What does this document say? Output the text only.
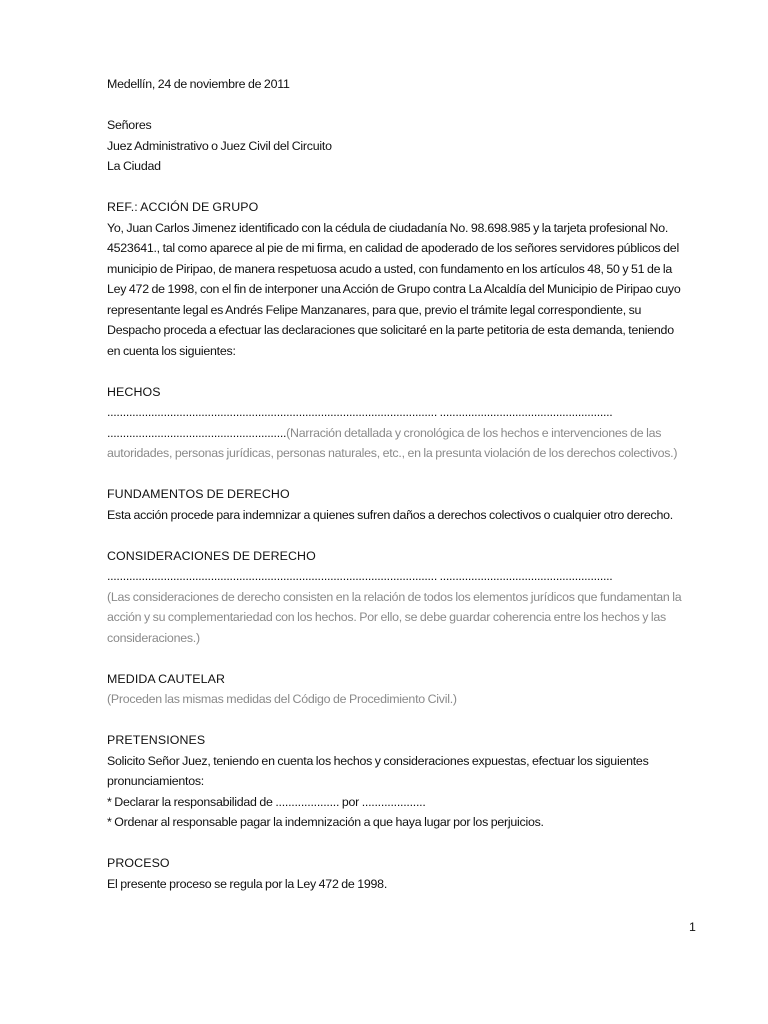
Medellín, 24 de noviembre de 2011
Señores
Juez Administrativo o Juez Civil del Circuito
La Ciudad
REF.: ACCIÓN DE GRUPO
Yo, Juan Carlos Jimenez identificado con la cédula de ciudadanía No. 98.698.985 y la tarjeta profesional No.
4523641., tal como aparece al pie de mi firma, en calidad de apoderado de los señores servidores públicos del
municipio de Piripao, de manera respetuosa acudo a usted, con fundamento en los artículos 48, 50 y 51 de la
Ley 472 de 1998, con el fin de interponer una Acción de Grupo contra La Alcaldía del Municipio de Piripao cuyo
representante legal es Andrés Felipe Manzanares, para que, previo el trámite legal correspondiente, su
Despacho proceda a efectuar las declaraciones que solicitaré en la parte petitoria de esta demanda, teniendo
en cuenta los siguientes:
HECHOS
......................................................................................................... .......................................................
.........................................................(Narración detallada y cronológica de los hechos e intervenciones de las
autoridades, personas jurídicas, personas naturales, etc., en la presunta violación de los derechos colectivos.)
FUNDAMENTOS DE DERECHO
Esta acción procede para indemnizar a quienes sufren daños a derechos colectivos o cualquier otro derecho.
CONSIDERACIONES DE DERECHO
......................................................................................................... .......................................................
(Las consideraciones de derecho consisten en la relación de todos los elementos jurídicos que fundamentan la
acción y su complementariedad con los hechos. Por ello, se debe guardar coherencia entre los hechos y las
consideraciones.)
MEDIDA CAUTELAR
(Proceden las mismas medidas del Código de Procedimiento Civil.)
PRETENSIONES
Solicito Señor Juez, teniendo en cuenta los hechos y consideraciones expuestas, efectuar los siguientes
pronunciamientos:
* Declarar la responsabilidad de .................... por ....................
* Ordenar al responsable pagar la indemnización a que haya lugar por los perjuicios.
PROCESO
El presente proceso se regula por la Ley 472 de 1998.
1
